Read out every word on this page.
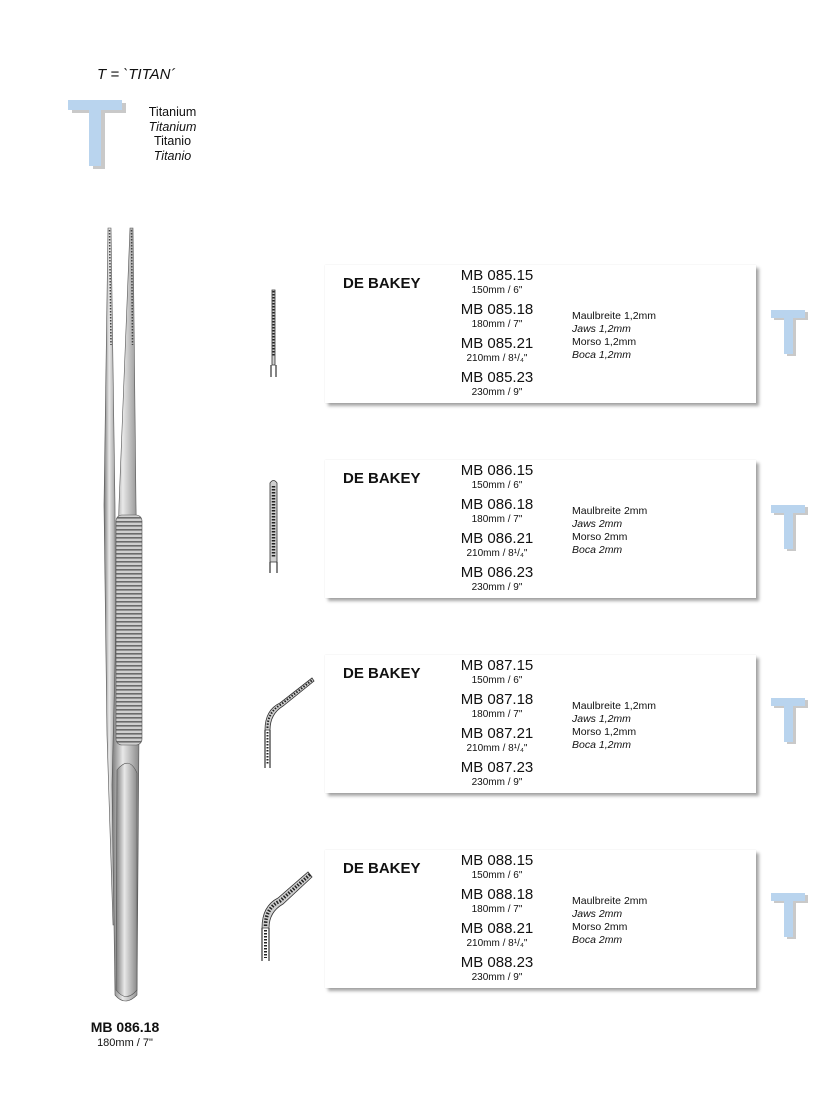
T = `TITAN´
Titanium
Titanium
Titanio
Titanio
MB 086.18
180mm / 7"
DE BAKEY	MB 085.15
150mm / 6"
MB 085.18
180mm / 7"
MB 085.21
210mm / 8¹/₄"
MB 085.23
230mm / 9"
Maulbreite 1,2mm
Jaws 1,2mm
Morso 1,2mm
Boca 1,2mm
DE BAKEY	MB 086.15
150mm / 6"
MB 086.18
180mm / 7"
MB 086.21
210mm / 8¹/₄"
MB 086.23
230mm / 9"
Maulbreite 2mm
Jaws 2mm
Morso 2mm
Boca 2mm
DE BAKEY	MB 087.15
150mm / 6"
MB 087.18
180mm / 7"
MB 087.21
210mm / 8¹/₄"
MB 087.23
230mm / 9"
Maulbreite 1,2mm
Jaws 1,2mm
Morso 1,2mm
Boca 1,2mm
DE BAKEY	MB 088.15
150mm / 6"
MB 088.18
180mm / 7"
MB 088.21
210mm / 8¹/₄"
MB 088.23
230mm / 9"
Maulbreite 2mm
Jaws 2mm
Morso 2mm
Boca 2mm
